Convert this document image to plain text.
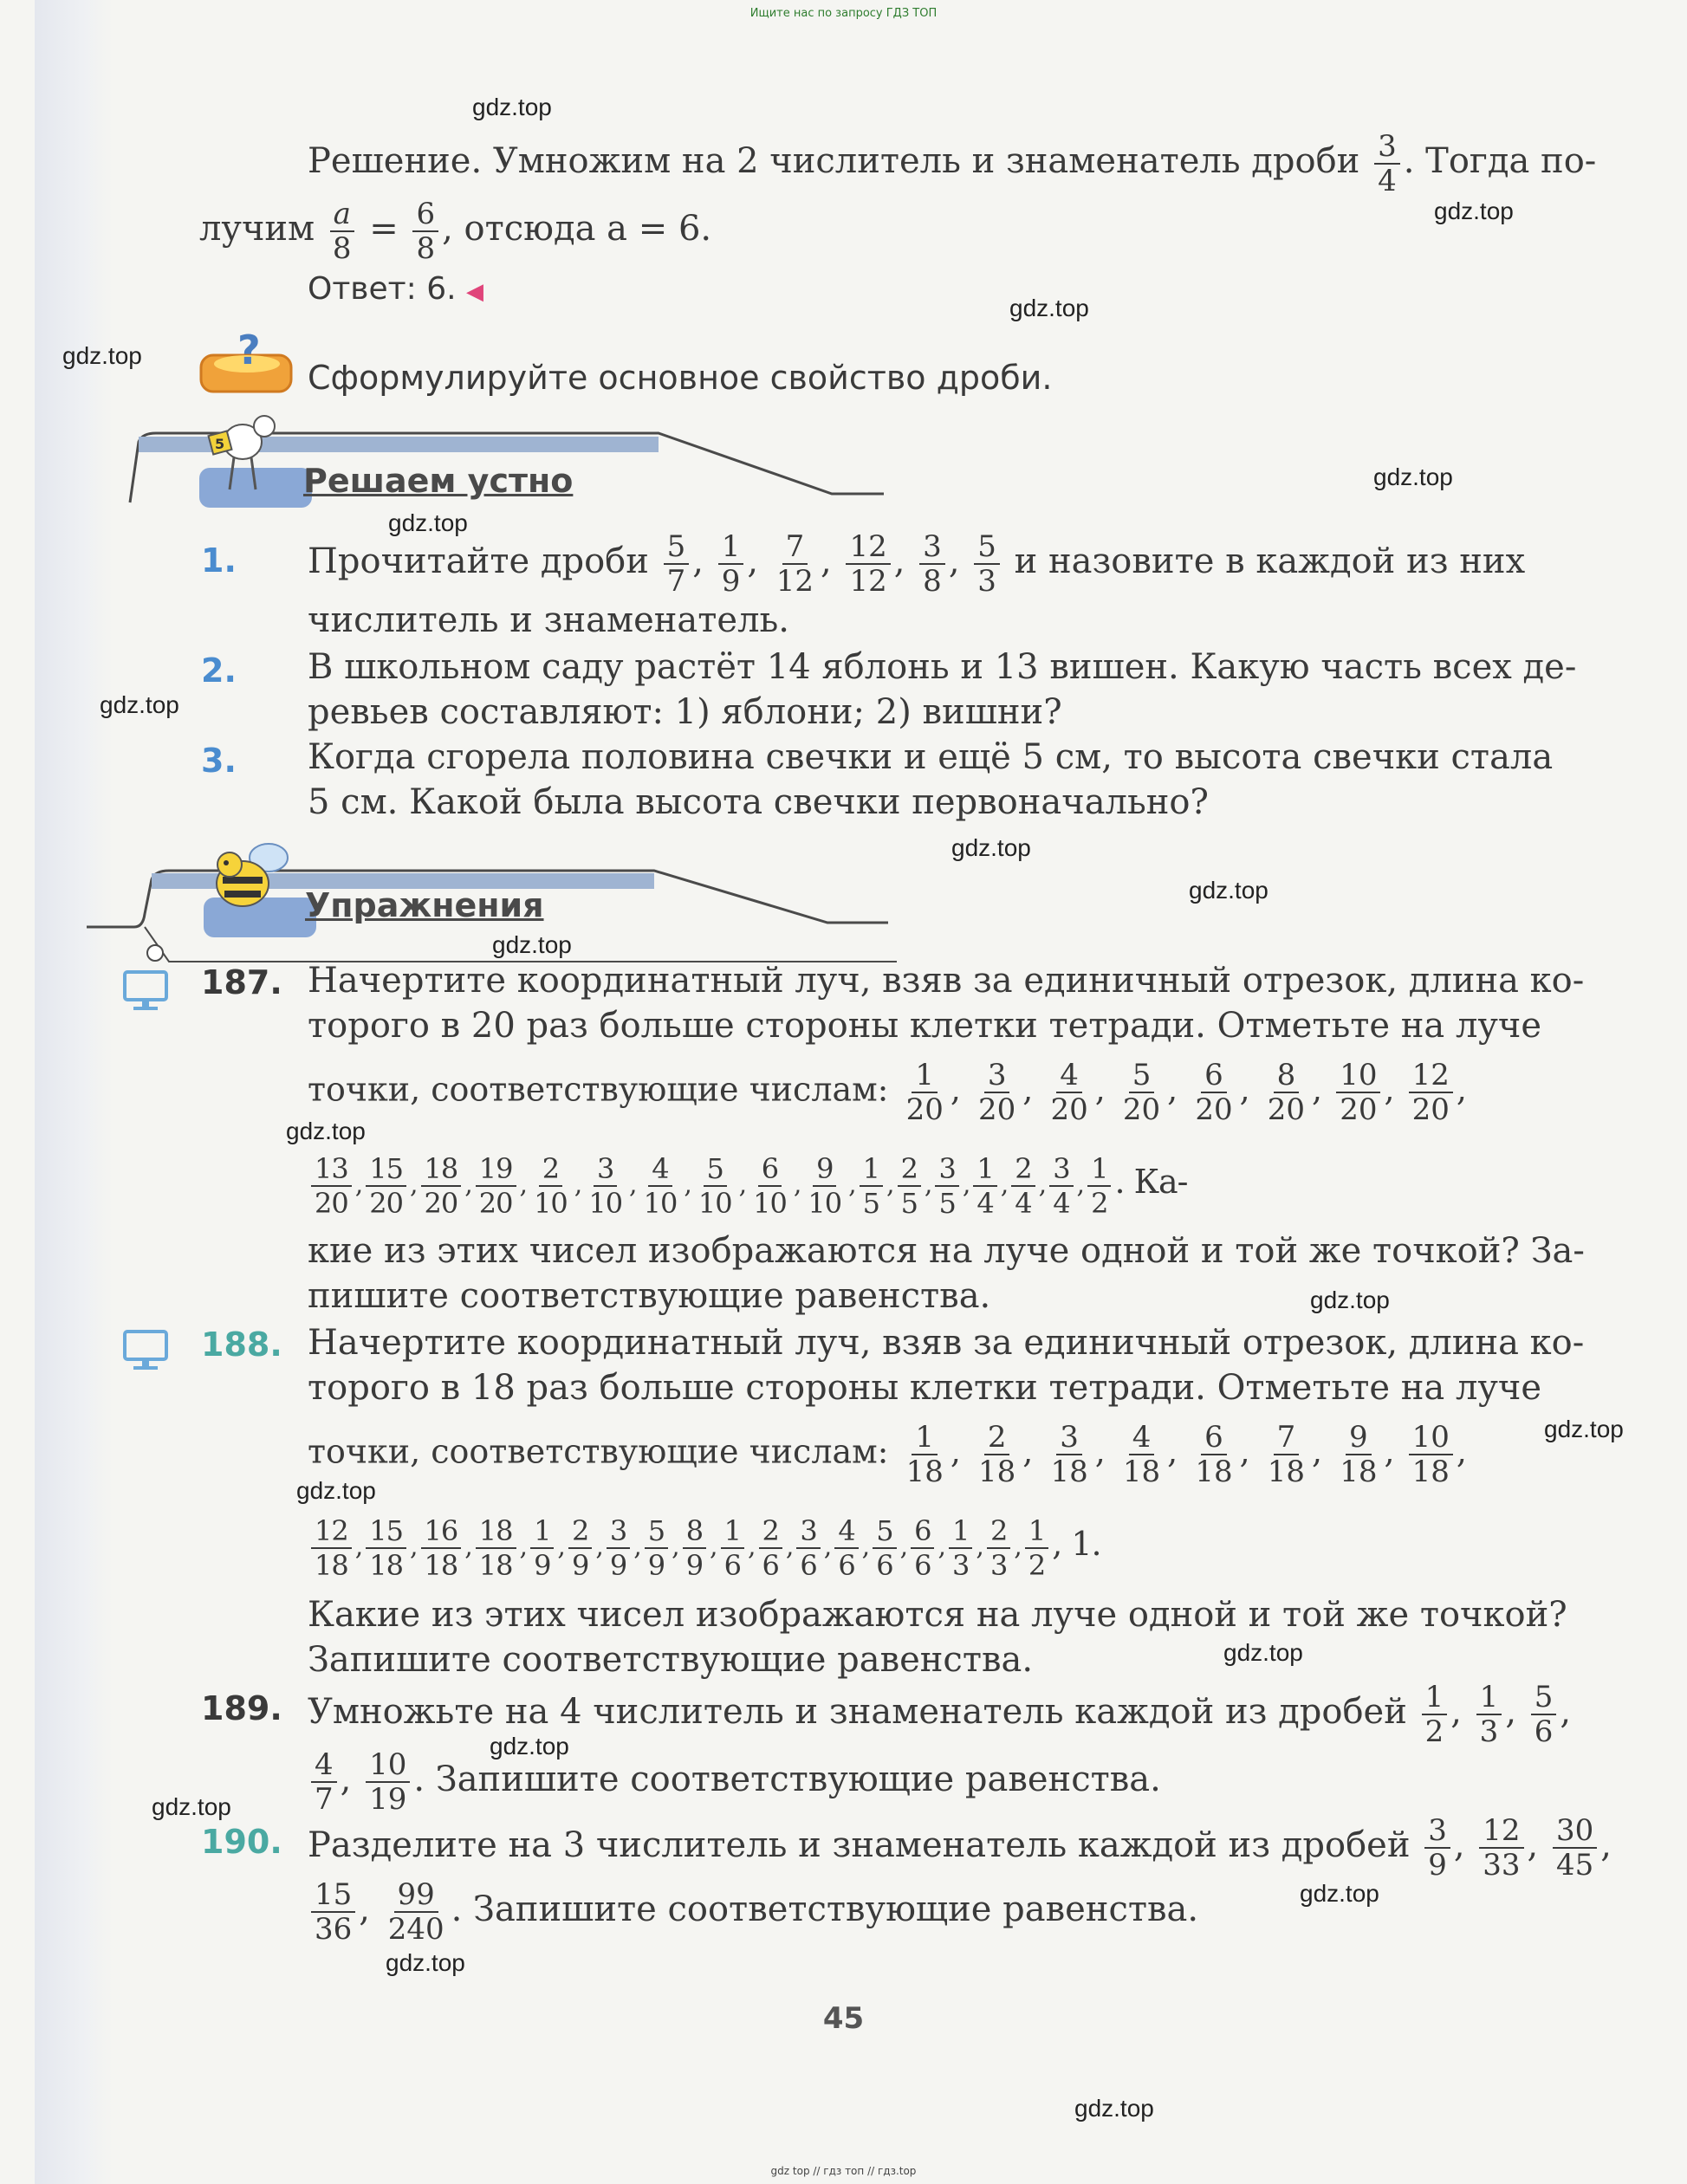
Ищите нас по запросу ГДЗ ТОП
gdz.top
gdz.top
gdz.top
gdz.top
gdz.top
gdz.top
gdz.top
gdz.top
gdz.top
gdz.top
gdz.top
gdz.top
gdz.top
gdz.top
gdz.top
gdz.top
gdz.top
gdz.top
gdz.top
gdz.top
Решение. Умножим на 2 числитель и знаменатель дроби $\frac{3}{4}$ . Тогда по-
лучим $\frac{a}{8} = \frac{6}{8}$ , отсюда a = 6.
Ответ: 6. ◀
?
Сформулируйте основное свойство дроби.
5
Решаем устно
1. Прочитайте дроби $\frac{5}{7}$ , $\frac{1}{9}$ , $\frac{7}{12}$ , $\frac{12}{12}$ , $\frac{3}{8}$ , $\frac{5}{3}$ и назовите в каждой из них
числитель и знаменатель.
2. В школьном саду растёт 14 яблонь и 13 вишен. Какую часть всех де-
ревьев составляют: 1) яблони; 2) вишни?
3. Когда сгорела половина свечки и ещё 5 см, то высота свечки стала
5 см. Какой была высота свечки первоначально?
Упражнения
187. Начертите координатный луч, взяв за единичный отрезок, длина ко-
торого в 20 раз больше стороны клетки тетради. Отметьте на луче
точки, соответствующие числам: $\frac{1}{20}$ , $\frac{3}{20}$ , $\frac{4}{20}$ , $\frac{5}{20}$ , $\frac{6}{20}$ , $\frac{8}{20}$ , $\frac{10}{20}$ , $\frac{12}{20}$ ,
$\frac{13}{20}$ , $\frac{15}{20}$ , $\frac{18}{20}$ , $\frac{19}{20}$ , $\frac{2}{10}$ , $\frac{3}{10}$ , $\frac{4}{10}$ , $\frac{5}{10}$ , $\frac{6}{10}$ , $\frac{9}{10}$ , $\frac{1}{5}$ , $\frac{2}{5}$ , $\frac{3}{5}$ , $\frac{1}{4}$ , $\frac{2}{4}$ , $\frac{3}{4}$ , $\frac{1}{2}$ . Ка-
кие из этих чисел изображаются на луче одной и той же точкой? За-
пишите соответствующие равенства.
188. Начертите координатный луч, взяв за единичный отрезок, длина ко-
торого в 18 раз больше стороны клетки тетради. Отметьте на луче
точки, соответствующие числам: $\frac{1}{18}$ , $\frac{2}{18}$ , $\frac{3}{18}$ , $\frac{4}{18}$ , $\frac{6}{18}$ , $\frac{7}{18}$ , $\frac{9}{18}$ , $\frac{10}{18}$ ,
$\frac{12}{18}$ , $\frac{15}{18}$ , $\frac{16}{18}$ , $\frac{18}{18}$ , $\frac{1}{9}$ , $\frac{2}{9}$ , $\frac{3}{9}$ , $\frac{5}{9}$ , $\frac{8}{9}$ , $\frac{1}{6}$ , $\frac{2}{6}$ , $\frac{3}{6}$ , $\frac{4}{6}$ , $\frac{5}{6}$ , $\frac{6}{6}$ , $\frac{1}{3}$ , $\frac{2}{3}$ , $\frac{1}{2}$ , 1.
Какие из этих чисел изображаются на луче одной и той же точкой?
Запишите соответствующие равенства.
189. Умножьте на 4 числитель и знаменатель каждой из дробей $\frac{1}{2}$ , $\frac{1}{3}$ , $\frac{5}{6}$ ,
$\frac{4}{7}$ , $\frac{10}{19}$ . Запишите соответствующие равенства.
190. Разделите на 3 числитель и знаменатель каждой из дробей $\frac{3}{9}$ , $\frac{12}{33}$ , $\frac{30}{45}$ ,
$\frac{15}{36}$ , $\frac{99}{240}$ . Запишите соответствующие равенства.
45
gdz top // гдз топ // гдз.top
